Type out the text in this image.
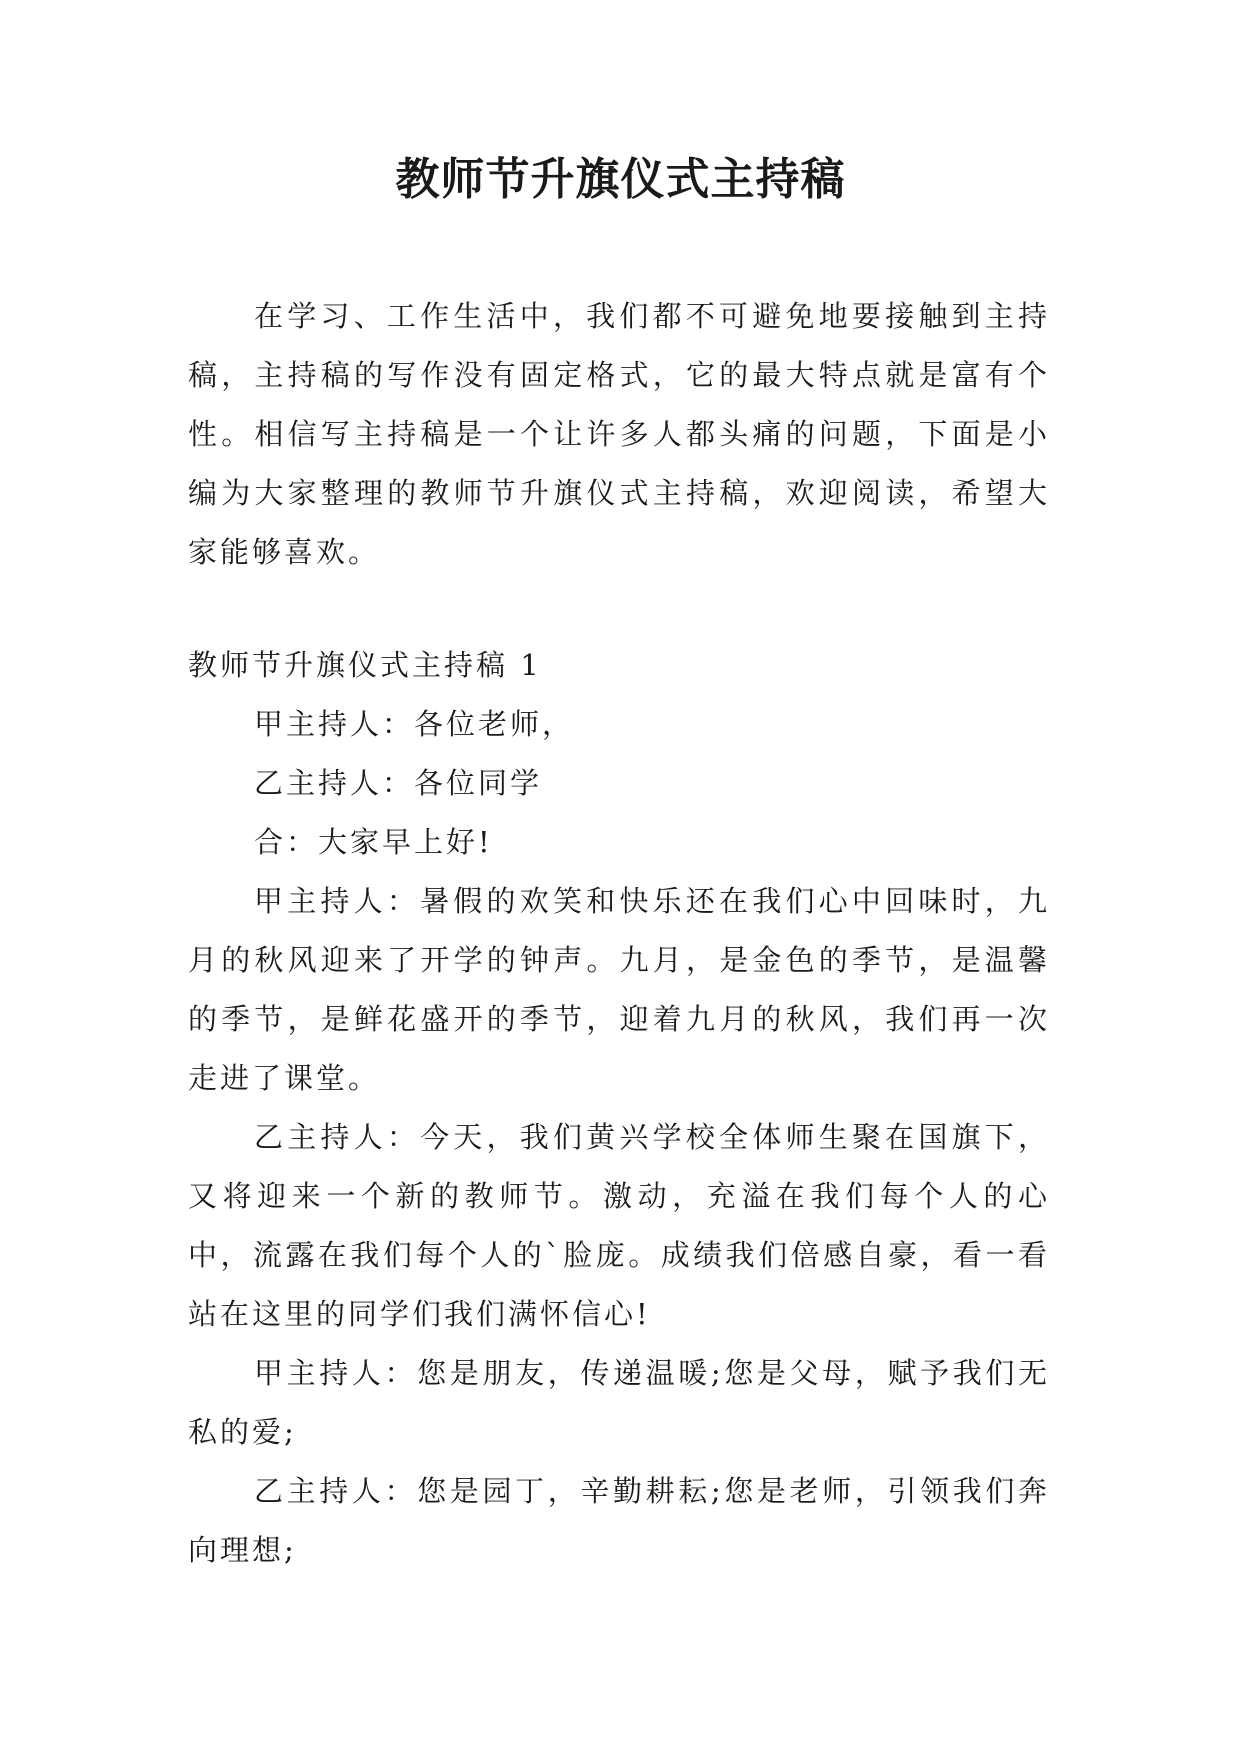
教师节升旗仪式主持稿

在学习、工作生活中，我们都不可避免地要接触到主持稿，主持稿的写作没有固定格式，它的最大特点就是富有个性。相信写主持稿是一个让许多人都头痛的问题，下面是小编为大家整理的教师节升旗仪式主持稿，欢迎阅读，希望大家能够喜欢。

教师节升旗仪式主持稿 1

甲主持人：各位老师，

乙主持人：各位同学

合：大家早上好!

甲主持人：暑假的欢笑和快乐还在我们心中回味时，九月的秋风迎来了开学的钟声。九月，是金色的季节，是温馨的季节，是鲜花盛开的季节，迎着九月的秋风，我们再一次走进了课堂。

乙主持人：今天，我们黄兴学校全体师生聚在国旗下，又将迎来一个新的教师节。激动，充溢在我们每个人的心中，流露在我们每个人的`脸庞。成绩我们倍感自豪，看一看站在这里的同学们我们满怀信心!

甲主持人：您是朋友，传递温暖;您是父母，赋予我们无私的爱;

乙主持人：您是园丁，辛勤耕耘;您是老师，引领我们奔向理想;
